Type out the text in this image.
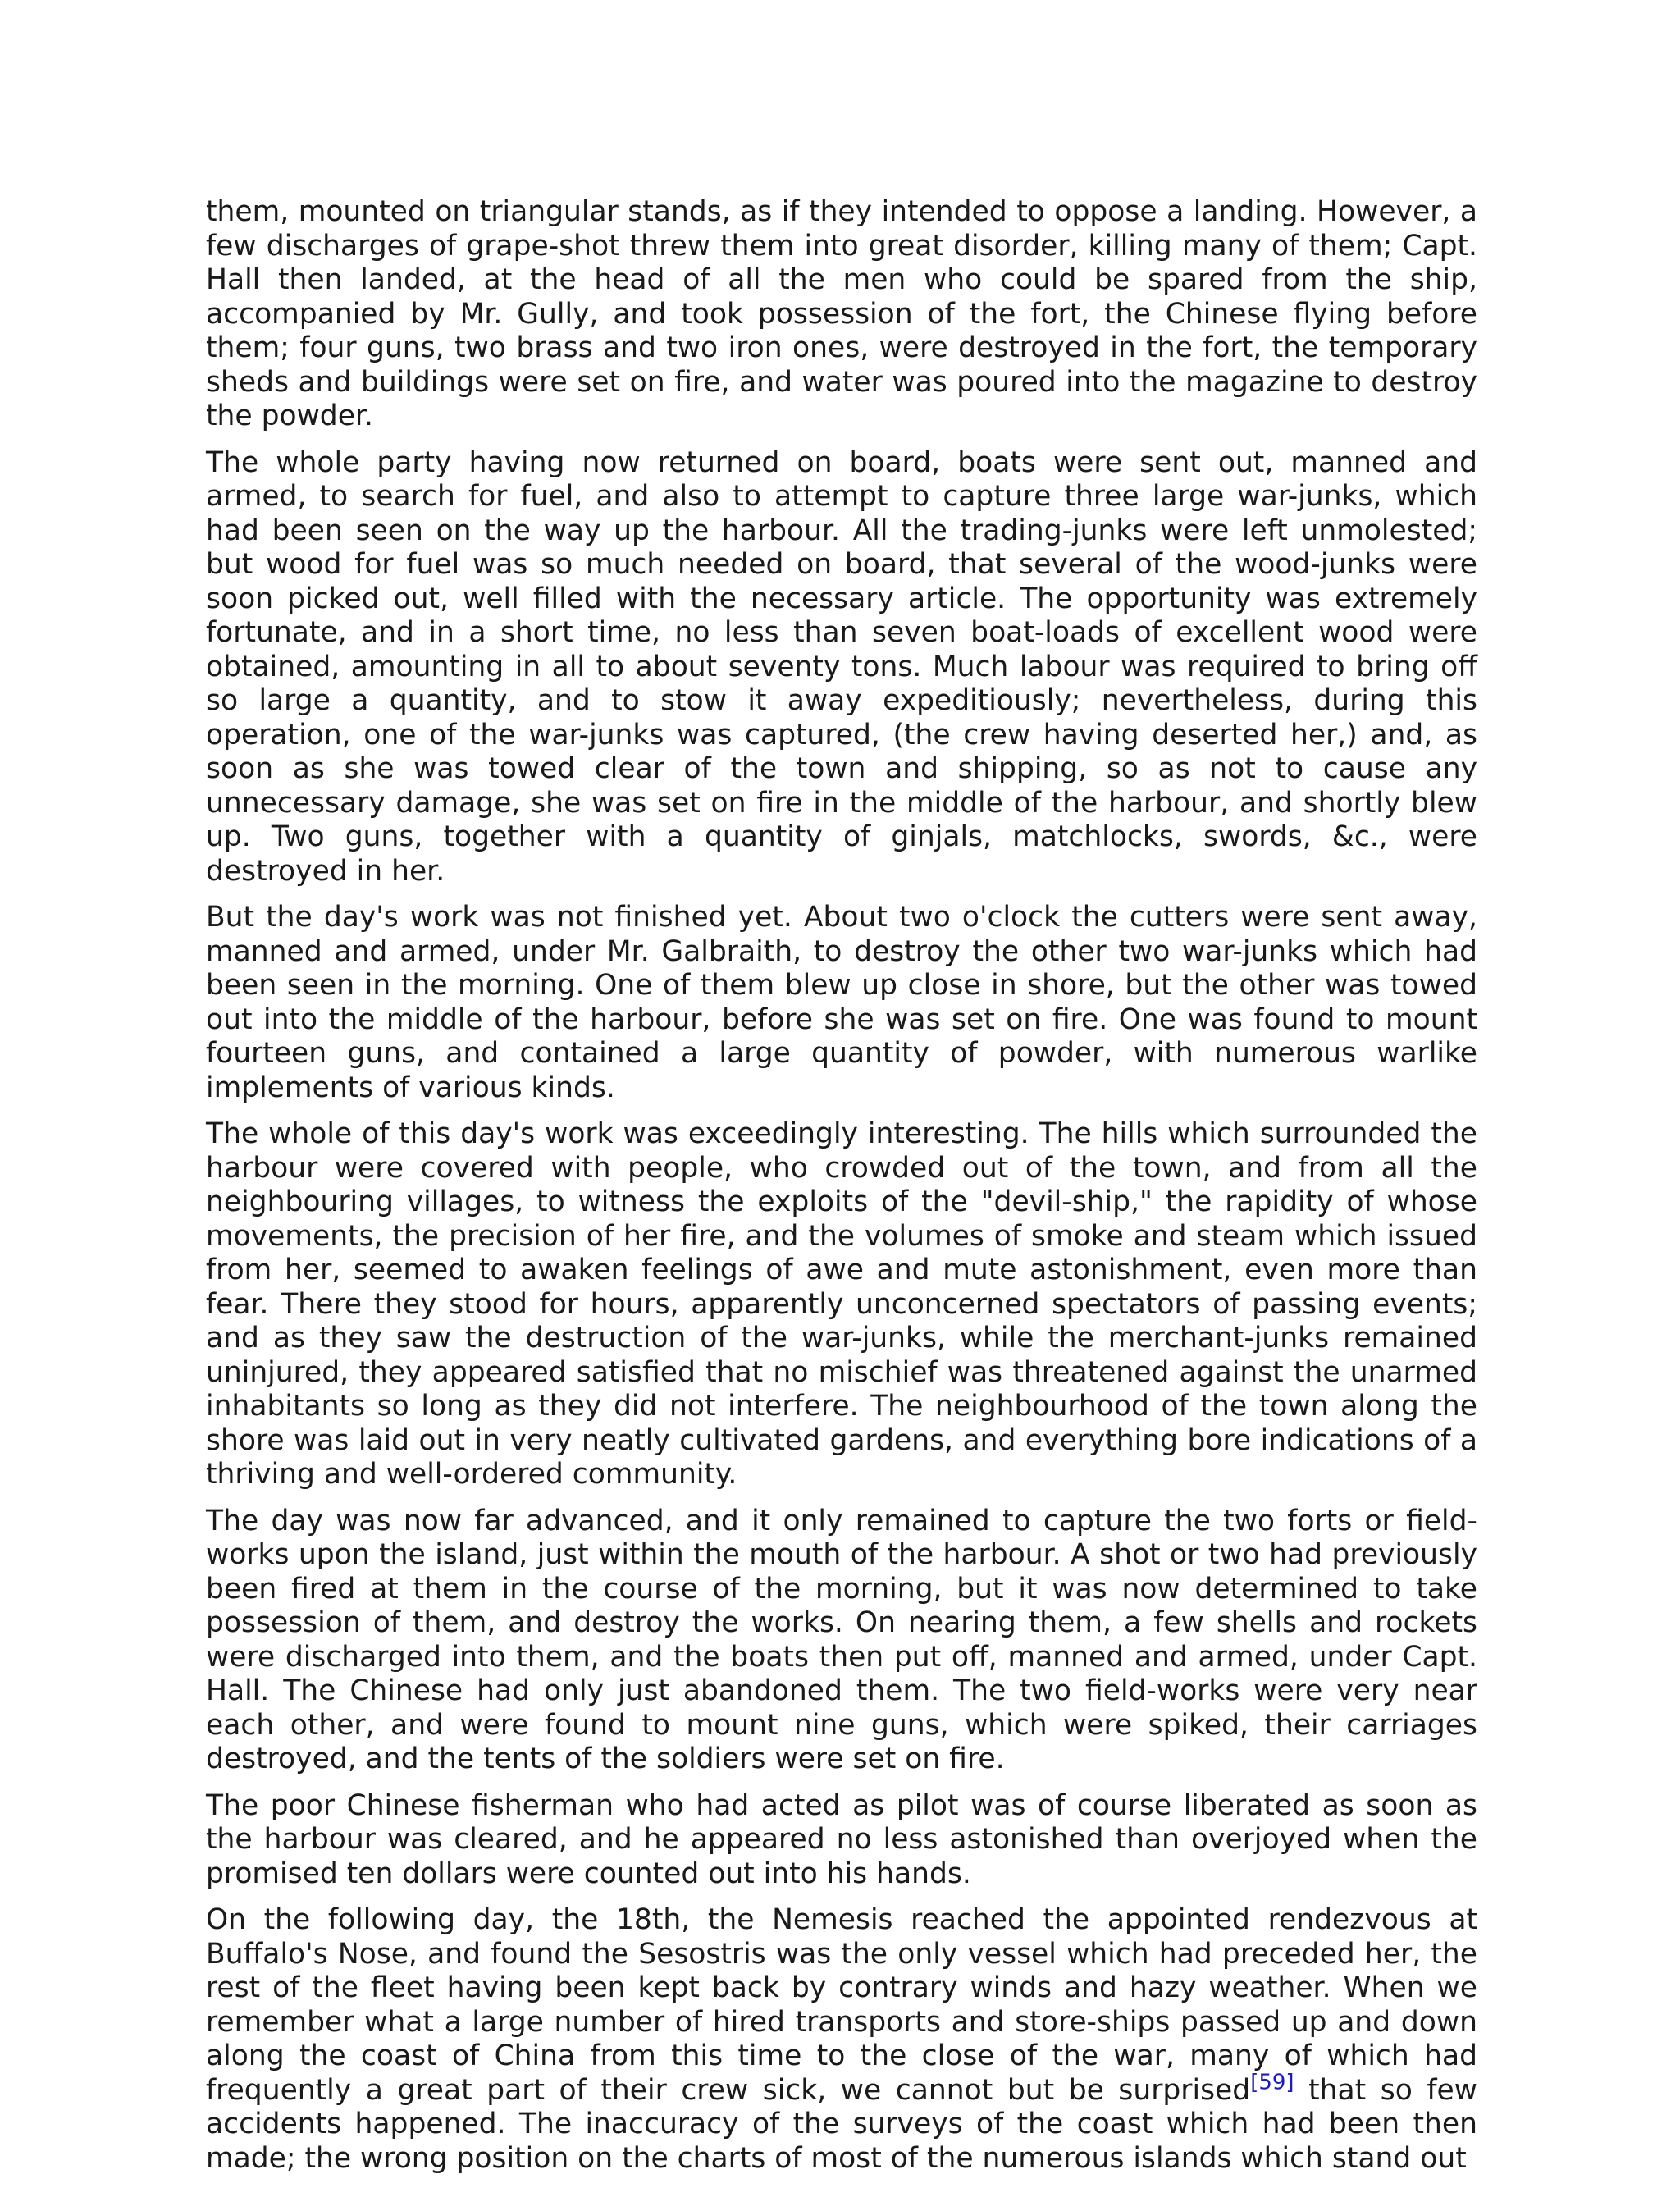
them, mounted on triangular stands, as if they intended to oppose a landing. However, a few discharges of grape-shot threw them into great disorder, killing many of them; Capt. Hall then landed, at the head of all the men who could be spared from the ship, accompanied by Mr. Gully, and took possession of the fort, the Chinese flying before them; four guns, two brass and two iron ones, were destroyed in the fort, the temporary sheds and buildings were set on fire, and water was poured into the magazine to destroy the powder.

The whole party having now returned on board, boats were sent out, manned and armed, to search for fuel, and also to attempt to capture three large war-junks, which had been seen on the way up the harbour. All the trading-junks were left unmolested; but wood for fuel was so much needed on board, that several of the wood-junks were soon picked out, well filled with the necessary article. The opportunity was extremely fortunate, and in a short time, no less than seven boat-loads of excellent wood were obtained, amounting in all to about seventy tons. Much labour was required to bring off so large a quantity, and to stow it away expeditiously; nevertheless, during this operation, one of the war-junks was captured, (the crew having deserted her,) and, as soon as she was towed clear of the town and shipping, so as not to cause any unnecessary damage, she was set on fire in the middle of the harbour, and shortly blew up. Two guns, together with a quantity of ginjals, matchlocks, swords, &c., were destroyed in her.

But the day's work was not finished yet. About two o'clock the cutters were sent away, manned and armed, under Mr. Galbraith, to destroy the other two war-junks which had been seen in the morning. One of them blew up close in shore, but the other was towed out into the middle of the harbour, before she was set on fire. One was found to mount fourteen guns, and contained a large quantity of powder, with numerous warlike implements of various kinds.

The whole of this day's work was exceedingly interesting. The hills which surrounded the harbour were covered with people, who crowded out of the town, and from all the neighbouring villages, to witness the exploits of the "devil-ship," the rapidity of whose movements, the precision of her fire, and the volumes of smoke and steam which issued from her, seemed to awaken feelings of awe and mute astonishment, even more than fear. There they stood for hours, apparently unconcerned spectators of passing events; and as they saw the destruction of the war-junks, while the merchant-junks remained uninjured, they appeared satisfied that no mischief was threatened against the unarmed inhabitants so long as they did not interfere. The neighbourhood of the town along the shore was laid out in very neatly cultivated gardens, and everything bore indications of a thriving and well-ordered community.

The day was now far advanced, and it only remained to capture the two forts or field-works upon the island, just within the mouth of the harbour. A shot or two had previously been fired at them in the course of the morning, but it was now determined to take possession of them, and destroy the works. On nearing them, a few shells and rockets were discharged into them, and the boats then put off, manned and armed, under Capt. Hall. The Chinese had only just abandoned them. The two field-works were very near each other, and were found to mount nine guns, which were spiked, their carriages destroyed, and the tents of the soldiers were set on fire.

The poor Chinese fisherman who had acted as pilot was of course liberated as soon as the harbour was cleared, and he appeared no less astonished than overjoyed when the promised ten dollars were counted out into his hands.

On the following day, the 18th, the Nemesis reached the appointed rendezvous at Buffalo's Nose, and found the Sesostris was the only vessel which had preceded her, the rest of the fleet having been kept back by contrary winds and hazy weather. When we remember what a large number of hired transports and store-ships passed up and down along the coast of China from this time to the close of the war, many of which had frequently a great part of their crew sick, we cannot but be surprised[59] that so few accidents happened. The inaccuracy of the surveys of the coast which had been then made; the wrong position on the charts of most of the numerous islands which stand out
